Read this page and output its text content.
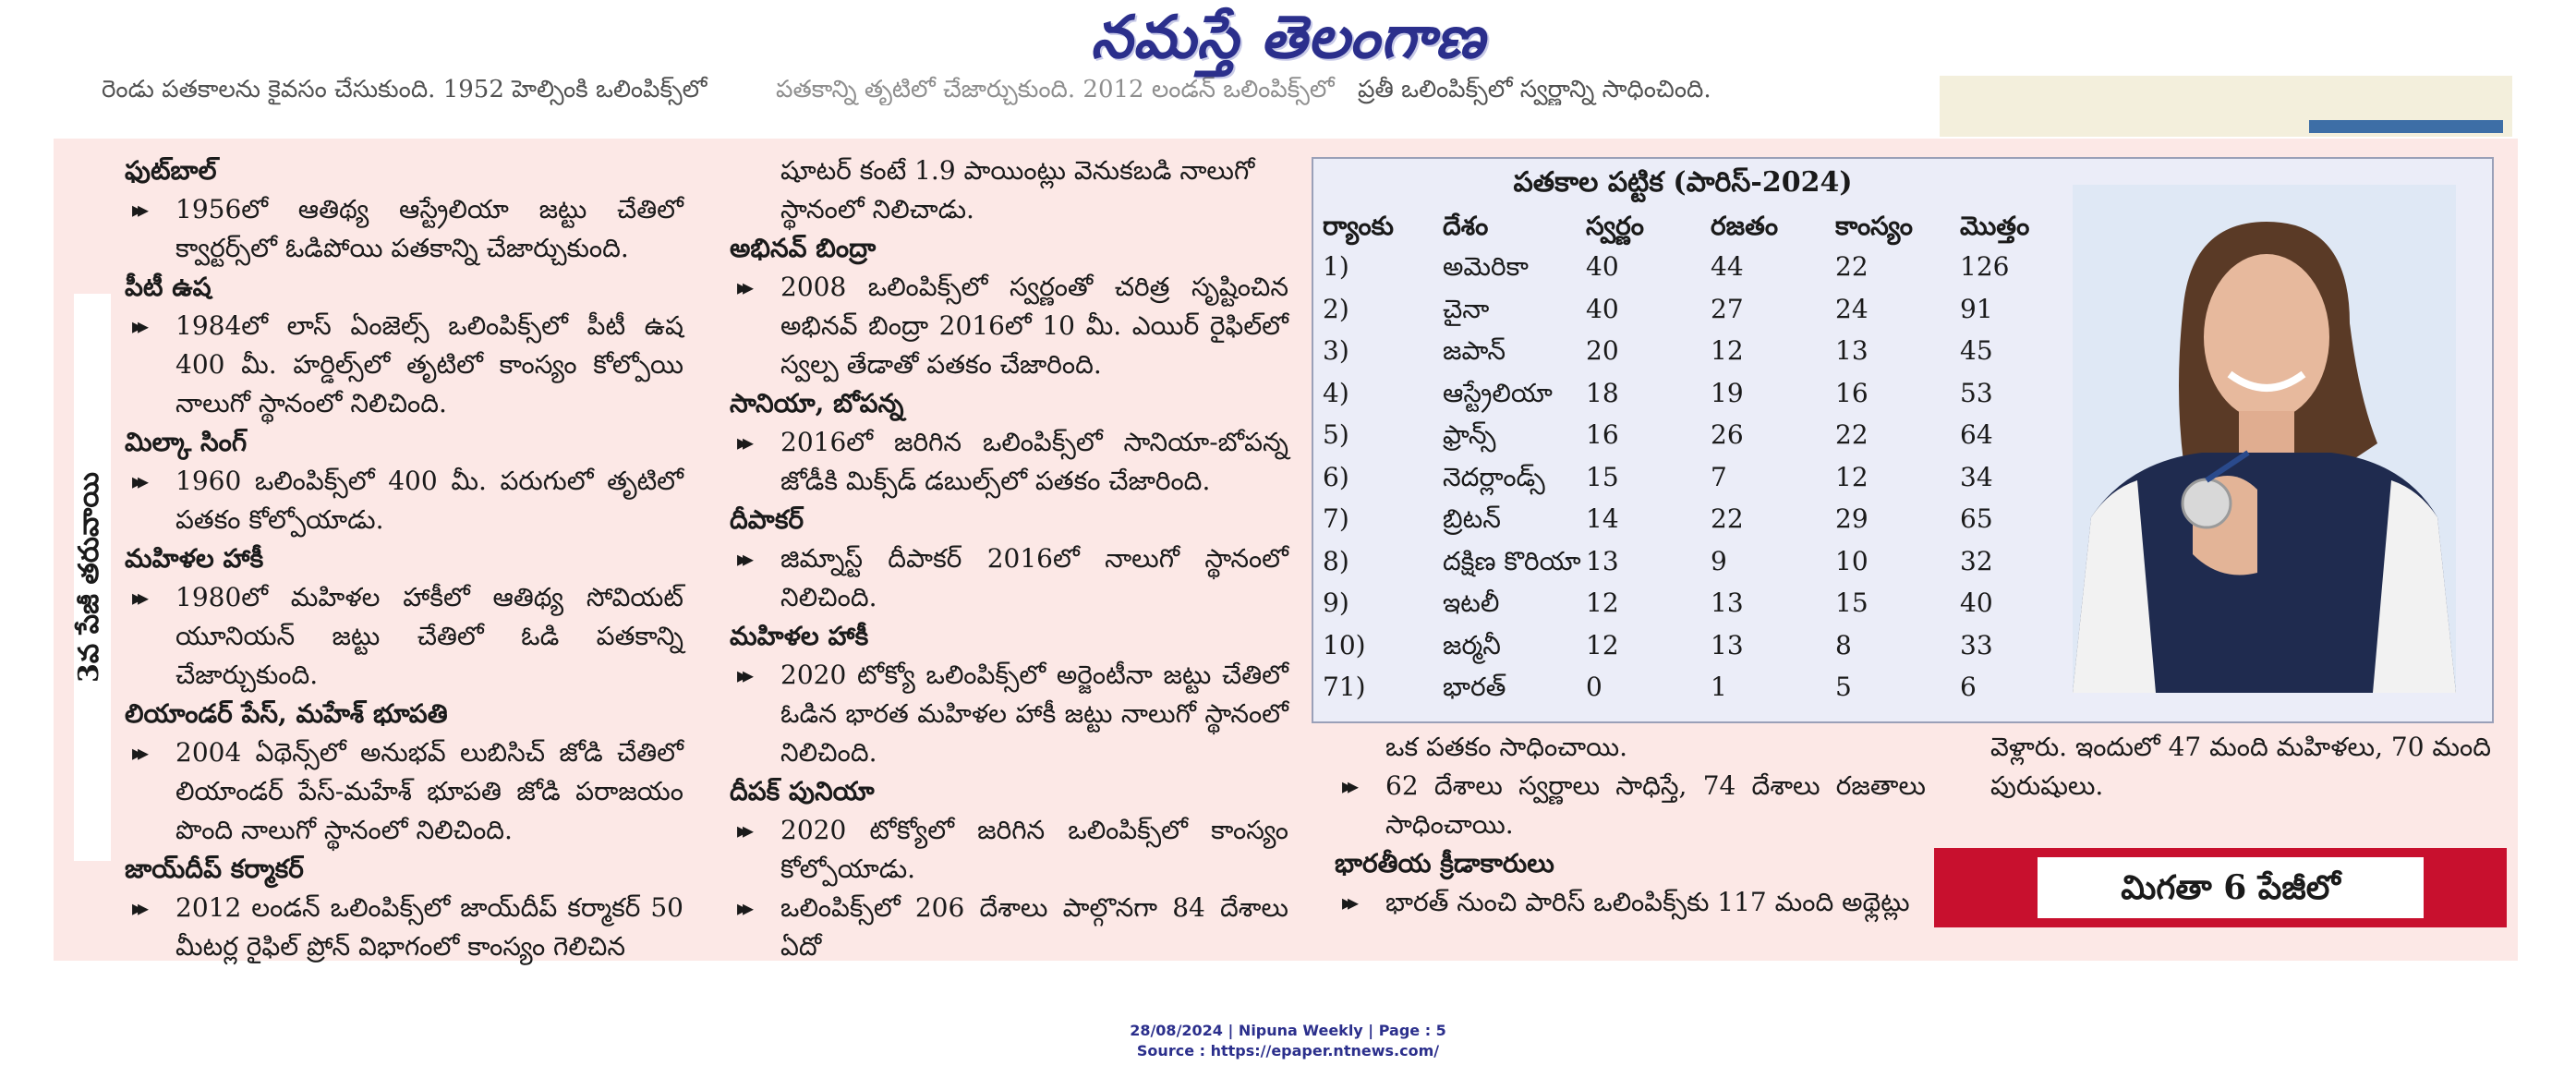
నమస్తే తెలంగాణ
రెండు పతకాలను కైవసం చేసుకుంది. 1952 హెల్సింకి ఒలింపిక్స్‌లో	పతకాన్ని తృటిలో చేజార్చుకుంది. 2012 లండన్ ఒలింపిక్స్‌లో ప్రతీ ఒలింపిక్స్‌లో స్వర్ణాన్ని సాధించింది.
3వ పేజీ తరువాయి
ఫుట్‌బాల్
▸▸ 1956లో ఆతిథ్య ఆస్ట్రేలియా జట్టు చేతిలో క్వార్టర్స్‌లో ఓడిపోయి పతకాన్ని చేజార్చుకుంది.
పీటీ ఉష
▸▸ 1984లో లాస్ ఏంజెల్స్ ఒలింపిక్స్‌లో పీటీ ఉష 400 మీ. హర్డిల్స్‌లో తృటిలో కాంస్యం కోల్పోయి నాలుగో స్థానంలో నిలిచింది.
మిల్కా సింగ్
▸▸ 1960 ఒలింపిక్స్‌లో 400 మీ. పరుగులో తృటిలో పతకం కోల్పోయాడు.
మహిళల హాకీ
▸▸ 1980లో మహిళల హాకీలో ఆతిథ్య సోవియట్ యూనియన్ జట్టు చేతిలో ఓడి పతకాన్ని చేజార్చుకుంది.
లియాండర్ పేస్, మహేశ్ భూపతి
▸▸ 2004 ఏథెన్స్‌లో అనుభవ్ లుబిసిచ్ జోడి చేతిలో లియాండర్ పేస్-మహేశ్ భూపతి జోడి పరాజయం పొంది నాలుగో స్థానంలో నిలిచింది.
జాయ్‌దీప్ కర్మాకర్
▸▸ 2012 లండన్ ఒలింపిక్స్‌లో జాయ్‌దీప్ కర్మాకర్ 50 మీటర్ల రైఫిల్ ప్రోన్ విభాగంలో కాంస్యం గెలిచిన
షూటర్ కంటే 1.9 పాయింట్లు వెనుకబడి నాలుగో స్థానంలో నిలిచాడు.
అభినవ్ బింద్రా
▸▸ 2008 ఒలింపిక్స్‌లో స్వర్ణంతో చరిత్ర సృష్టించిన అభినవ్ బింద్రా 2016లో 10 మీ. ఎయిర్ రైఫిల్‌లో స్వల్ప తేడాతో పతకం చేజారింది.
సానియా, బోపన్న
▸▸ 2016లో జరిగిన ఒలింపిక్స్‌లో సానియా-బోపన్న జోడీకి మిక్స్‌డ్ డబుల్స్‌లో పతకం చేజారింది.
దీపాకర్
▸▸ జిమ్నాస్ట్ దీపాకర్ 2016లో నాలుగో స్థానంలో నిలిచింది.
మహిళల హాకీ
▸▸ 2020 టోక్యో ఒలింపిక్స్‌లో అర్జెంటీనా జట్టు చేతిలో ఓడిన భారత మహిళల హాకీ జట్టు నాలుగో స్థానంలో నిలిచింది.
దీపక్ పునియా
▸▸ 2020 టోక్యోలో జరిగిన ఒలింపిక్స్‌లో కాంస్యం కోల్పోయాడు.
▸▸ ఒలింపిక్స్‌లో 206 దేశాలు పాల్గొనగా 84 దేశాలు ఏదో
పతకాల పట్టిక (పారిస్-2024)
ర్యాంకు దేశం	స్వర్ణం	రజతం కాంస్యం మొత్తం
1)	అమెరికా 40	44	22	126
2)	చైనా	40	27	24	91
3)	జపాన్	20	12	13	45
4)	ఆస్ట్రేలియా 18	19	16	53
5)	ఫ్రాన్స్	16	26	22	64
6)	నెదర్లాండ్స్ 15	7	12	34
7)	బ్రిటన్	14	22	29	65
8)	దక్షిణ కొరియా 13	9	10	32
9)	ఇటలీ	12	13	15	40
10)	జర్మనీ	12	13	8	33
71)	భారత్	0	1	5	6
ఒక పతకం సాధించాయి.
▸▸ 62 దేశాలు స్వర్ణాలు సాధిస్తే, 74 దేశాలు రజతాలు సాధించాయి.
భారతీయ క్రీడాకారులు
▸▸ భారత్ నుంచి పారిస్ ఒలింపిక్స్‌కు 117 మంది అథ్లెట్లు
వెళ్లారు. ఇందులో 47 మంది మహిళలు, 70 మంది పురుషులు.
మిగతా 6 పేజీలో
28/08/2024 | Nipuna Weekly | Page : 5
Source : https://epaper.ntnews.com/
